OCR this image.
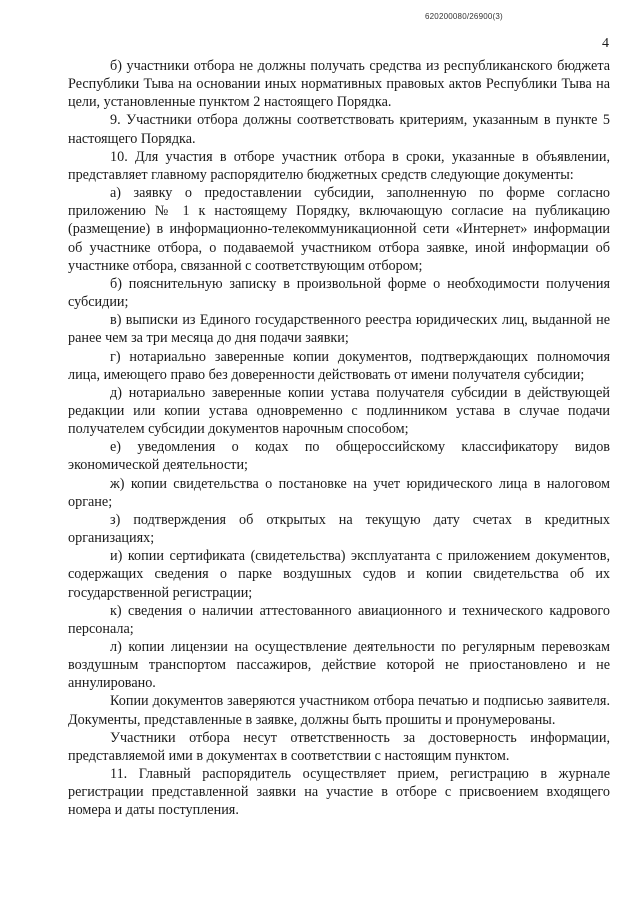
620200080/26900(3)
4

б) участники отбора не должны получать средства из республиканского бюджета Республики Тыва на основании иных нормативных правовых актов Республики Тыва на цели, установленные пунктом 2 настоящего Порядка.

9. Участники отбора должны соответствовать критериям, указанным в пункте 5 настоящего Порядка.

10. Для участия в отборе участник отбора в сроки, указанные в объявлении, представляет главному распорядителю бюджетных средств следующие документы:

а) заявку о предоставлении субсидии, заполненную по форме согласно приложению № 1 к настоящему Порядку, включающую согласие на публикацию (размещение) в информационно-телекоммуникационной сети «Интернет» информации об участнике отбора, о подаваемой участником отбора заявке, иной информации об участнике отбора, связанной с соответствующим отбором;

б) пояснительную записку в произвольной форме о необходимости получения субсидии;

в) выписки из Единого государственного реестра юридических лиц, выданной не ранее чем за три месяца до дня подачи заявки;

г) нотариально заверенные копии документов, подтверждающих полномочия лица, имеющего право без доверенности действовать от имени получателя субсидии;

д) нотариально заверенные копии устава получателя субсидии в действующей редакции или копии устава одновременно с подлинником устава в случае подачи получателем субсидии документов нарочным способом;

е) уведомления о кодах по общероссийскому классификатору видов экономической деятельности;

ж) копии свидетельства о постановке на учет юридического лица в налоговом органе;

з) подтверждения об открытых на текущую дату счетах в кредитных организациях;

и) копии сертификата (свидетельства) эксплуатанта с приложением документов, содержащих сведения о парке воздушных судов и копии свидетельства об их государственной регистрации;

к) сведения о наличии аттестованного авиационного и технического кадрового персонала;

л) копии лицензии на осуществление деятельности по регулярным перевозкам воздушным транспортом пассажиров, действие которой не приостановлено и не аннулировано.

Копии документов заверяются участником отбора печатью и подписью заявителя. Документы, представленные в заявке, должны быть прошиты и пронумерованы.

Участники отбора несут ответственность за достоверность информации, представляемой ими в документах в соответствии с настоящим пунктом.

11. Главный распорядитель осуществляет прием, регистрацию в журнале регистрации представленной заявки на участие в отборе с присвоением входящего номера и даты поступления.
